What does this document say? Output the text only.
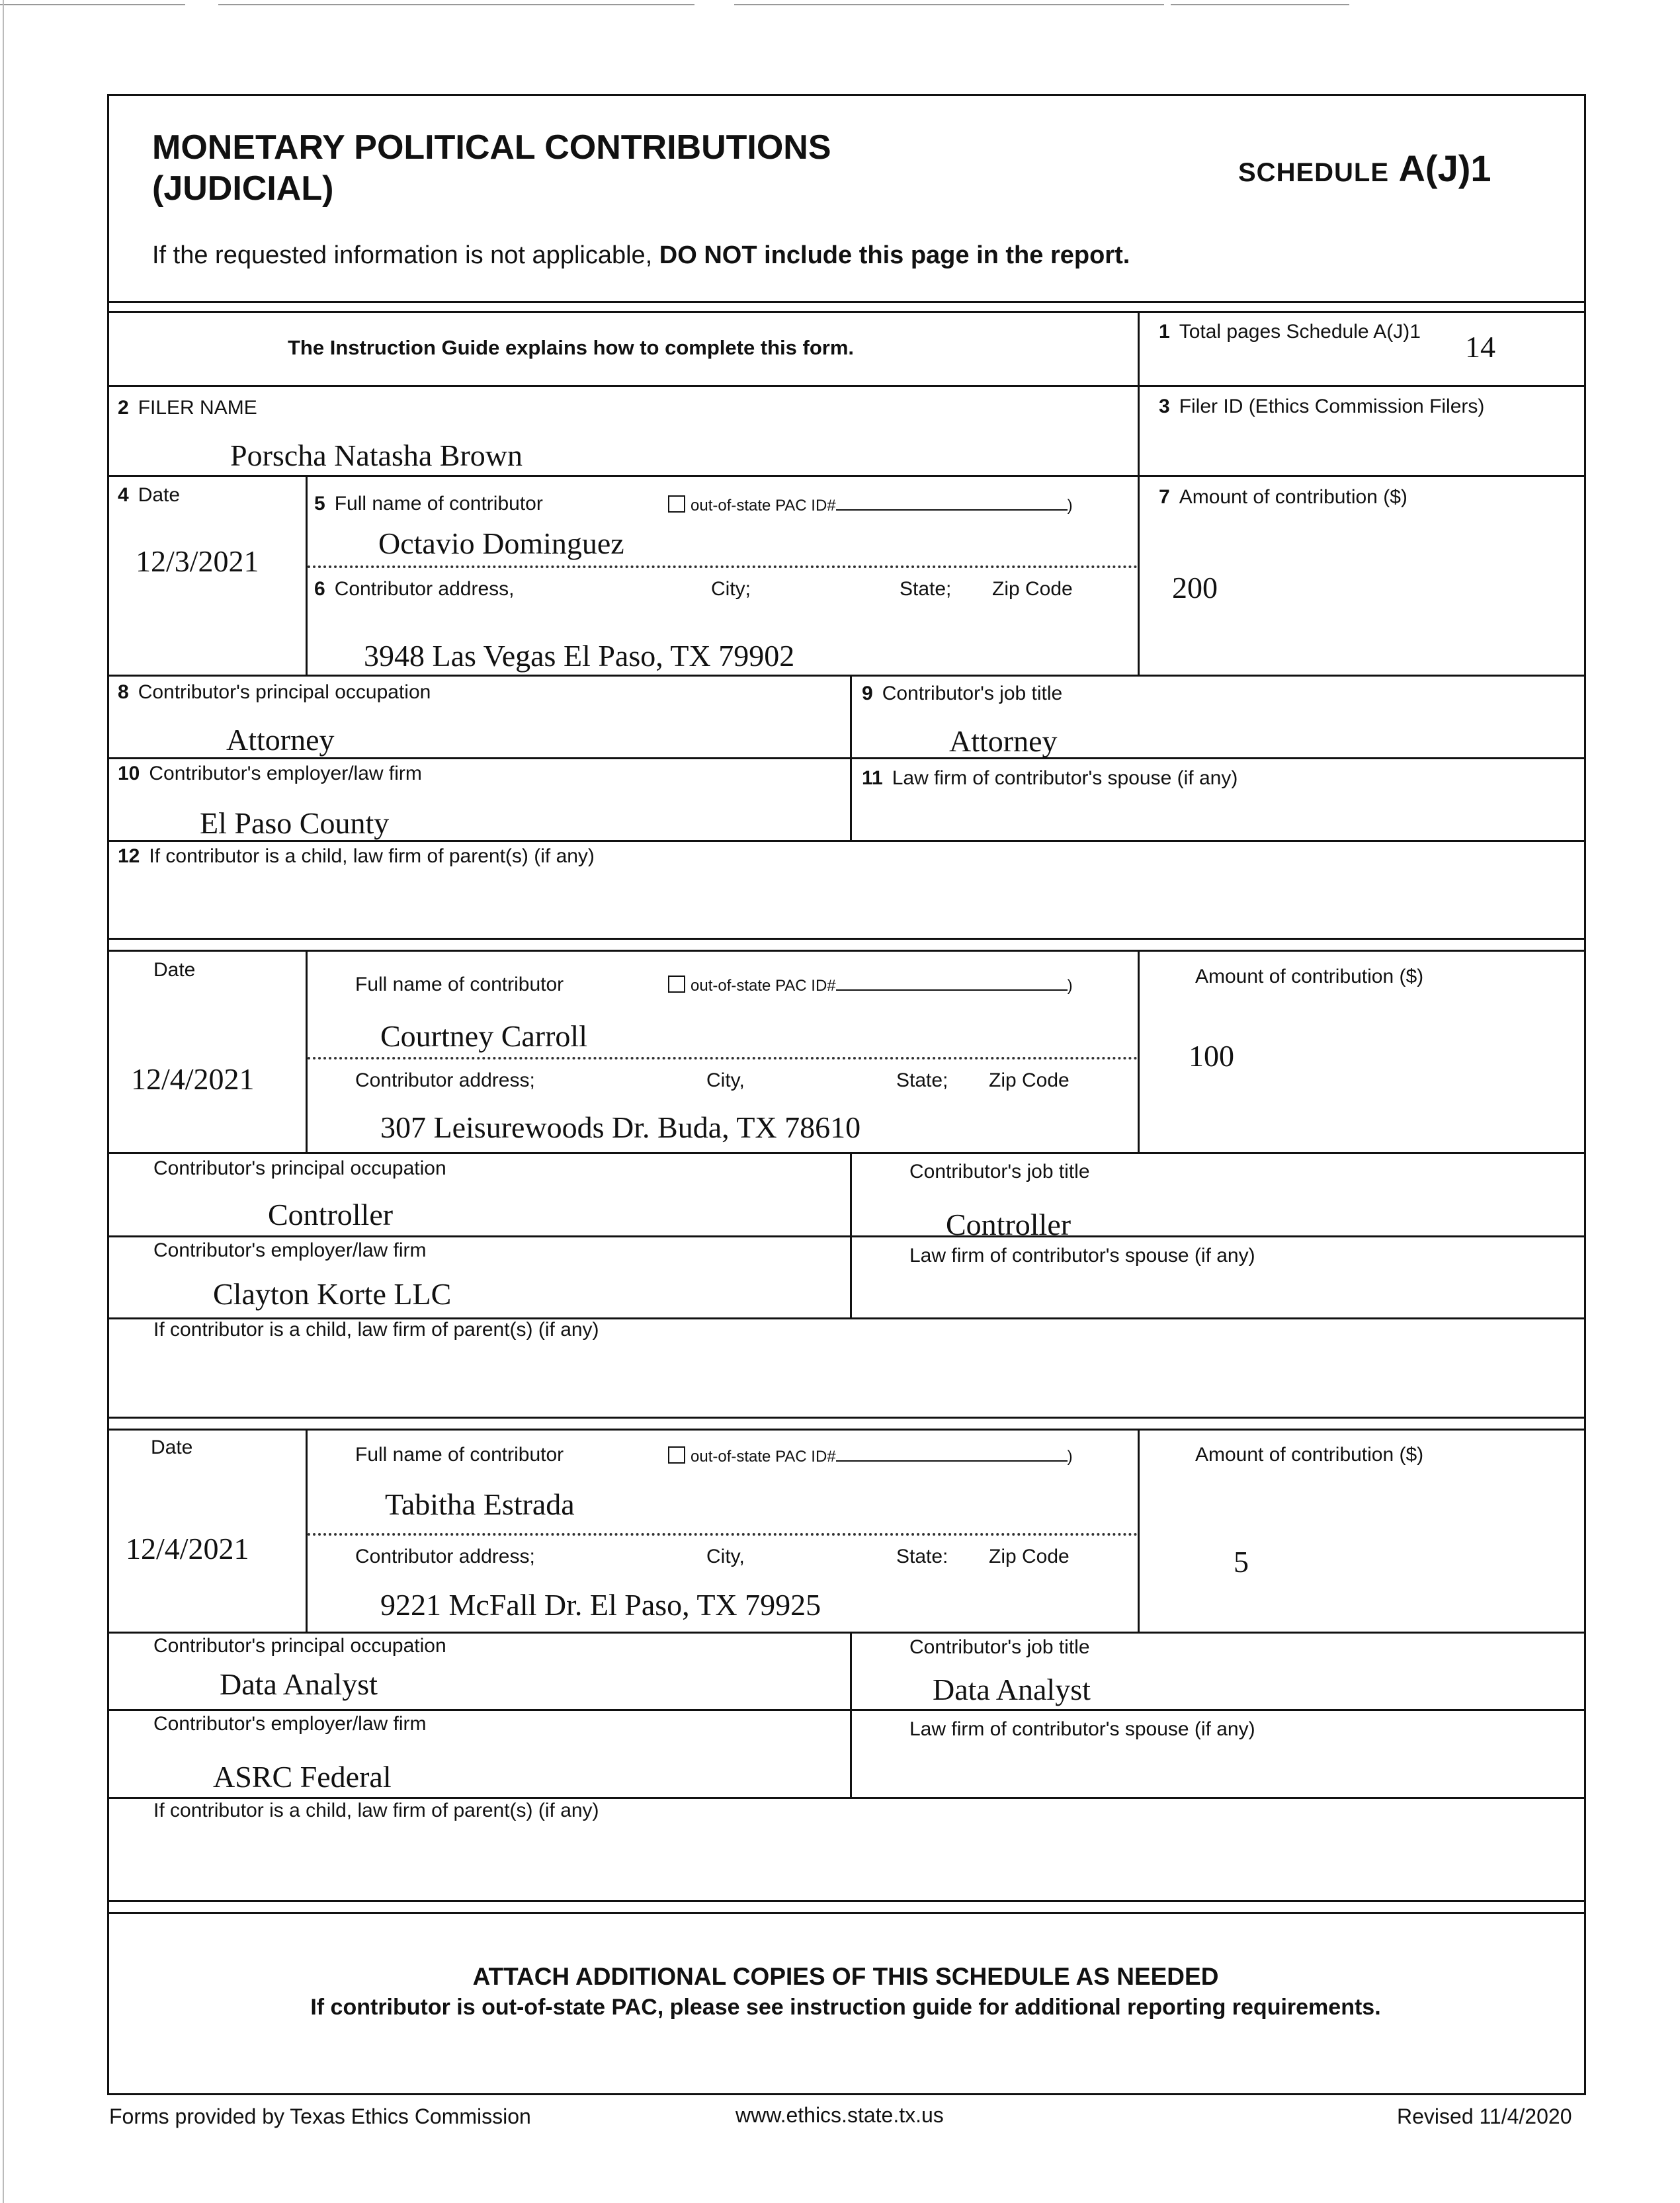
MONETARY POLITICAL CONTRIBUTIONS
(JUDICIAL)	SCHEDULE A(J)1
If the requested information is not applicable, DO NOT include this page in the report.
The Instruction Guide explains how to complete this form.
1 Total pages Schedule A(J)1 14
2 FILER NAME
Porscha Natasha Brown
3 Filer ID (Ethics Commission Filers)
4 Date
12/3/2021
5 Full name of contributor	out-of-state PAC ID#	)
Octavio Dominguez
6 Contributor address,	City;	State; Zip Code
3948 Las Vegas El Paso, TX 79902
7 Amount of contribution ($)
200
8 Contributor's principal occupation
Attorney
9 Contributor's job title
Attorney
10 Contributor's employer/law firm
El Paso County
11 Law firm of contributor's spouse (if any)
12 If contributor is a child, law firm of parent(s) (if any)
Date
12/4/2021
Full name of contributor	out-of-state PAC ID#	)
Courtney Carroll
Contributor address;	City,	State; Zip Code
307 Leisurewoods Dr. Buda, TX 78610
Amount of contribution ($)
100
Contributor's principal occupation
Controller
Contributor's job title
Controller
Contributor's employer/law firm
Clayton Korte LLC
Law firm of contributor's spouse (if any)
If contributor is a child, law firm of parent(s) (if any)
Date
12/4/2021
Full name of contributor	out-of-state PAC ID#	)
Tabitha Estrada
Contributor address;	City,	State: Zip Code
9221 McFall Dr. El Paso, TX 79925
Amount of contribution ($)
5
Contributor's principal occupation
Data Analyst
Contributor's job title
Data Analyst
Contributor's employer/law firm
ASRC Federal
Law firm of contributor's spouse (if any)
If contributor is a child, law firm of parent(s) (if any)
ATTACH ADDITIONAL COPIES OF THIS SCHEDULE AS NEEDED
If contributor is out-of-state PAC, please see instruction guide for additional reporting requirements.
Forms provided by Texas Ethics Commission	www.ethics.state.tx.us	Revised 11/4/2020
